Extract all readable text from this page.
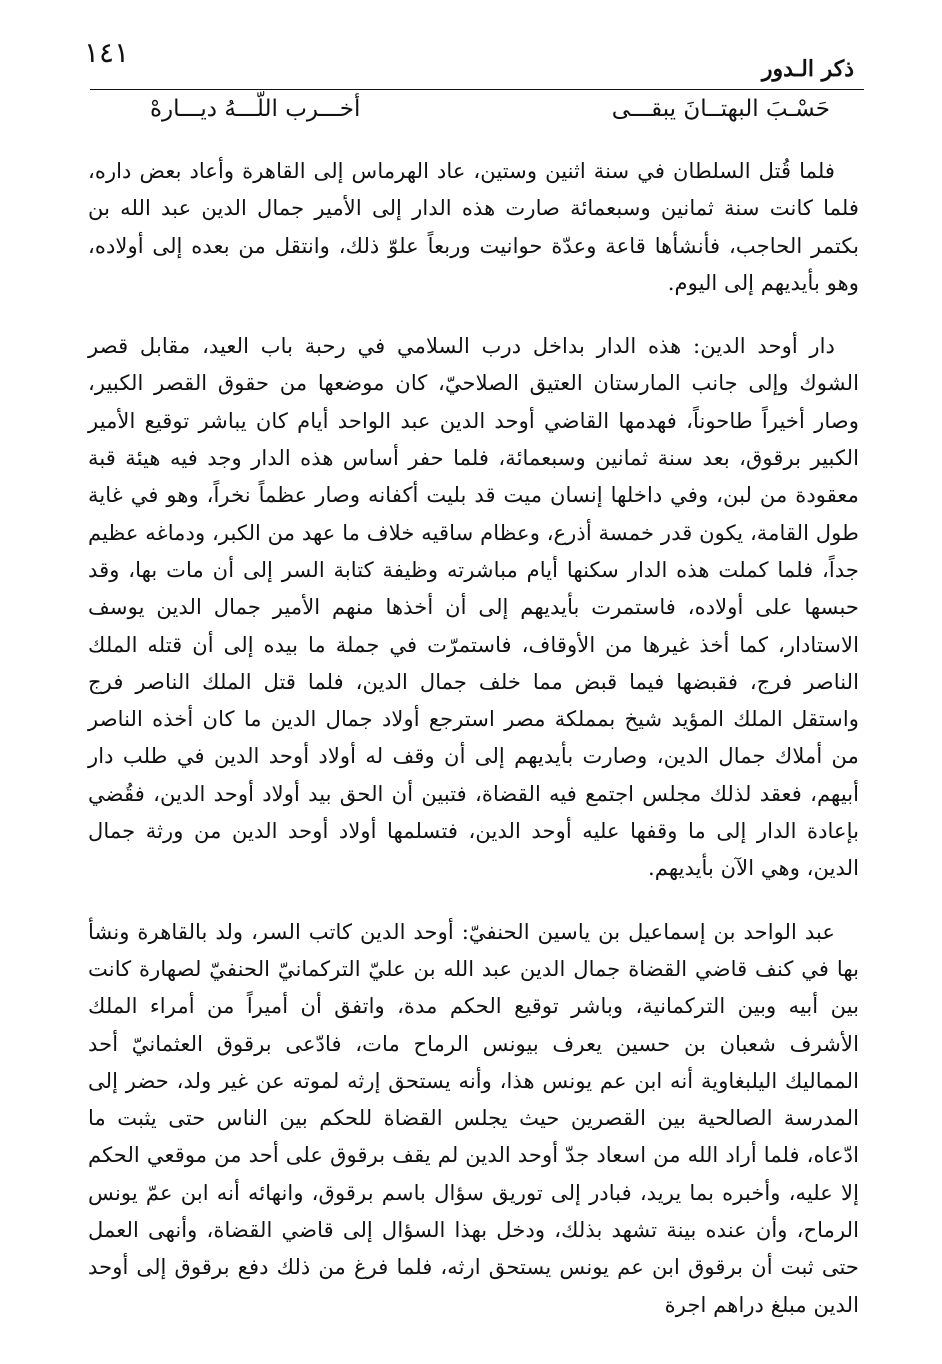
١٤١	ذكر الـدور
حَسْـبَ البهتــانَ يبقـــى
أخـــرب اللّـــهُ ديـــارهْ

فلما قُتل السلطان في سنة اثنين وستين، عاد الهرماس إلى القاهرة وأعاد بعض داره، فلما كانت سنة ثمانين وسبعمائة صارت هذه الدار إلى الأمير جمال الدين عبد الله بن بكتمر الحاجب، فأنشأها قاعة وعدّة حوانيت وربعاً علوّ ذلك، وانتقل من بعده إلى أولاده، وهو بأيديهم إلى اليوم.

دار أوحد الدين: هذه الدار بداخل درب السلامي في رحبة باب العيد، مقابل قصر الشوك وإلى جانب المارستان العتيق الصلاحيّ، كان موضعها من حقوق القصر الكبير، وصار أخيراً طاحوناً، فهدمها القاضي أوحد الدين عبد الواحد أيام كان يباشر توقيع الأمير الكبير برقوق، بعد سنة ثمانين وسبعمائة، فلما حفر أساس هذه الدار وجد فيه هيئة قبة معقودة من لبن، وفي داخلها إنسان ميت قد بليت أكفانه وصار عظماً نخراً، وهو في غاية طول القامة، يكون قدر خمسة أذرع، وعظام ساقيه خلاف ما عهد من الكبر، ودماغه عظيم جداً، فلما كملت هذه الدار سكنها أيام مباشرته وظيفة كتابة السر إلى أن مات بها، وقد حبسها على أولاده، فاستمرت بأيديهم إلى أن أخذها منهم الأمير جمال الدين يوسف الاستادار، كما أخذ غيرها من الأوقاف، فاستمرّت في جملة ما بيده إلى أن قتله الملك الناصر فرج، فقبضها فيما قبض مما خلف جمال الدين، فلما قتل الملك الناصر فرج واستقل الملك المؤيد شيخ بمملكة مصر استرجع أولاد جمال الدين ما كان أخذه الناصر من أملاك جمال الدين، وصارت بأيديهم إلى أن وقف له أولاد أوحد الدين في طلب دار أبيهم، فعقد لذلك مجلس اجتمع فيه القضاة، فتبين أن الحق بيد أولاد أوحد الدين، فقُضي بإعادة الدار إلى ما وقفها عليه أوحد الدين، فتسلمها أولاد أوحد الدين من ورثة جمال الدين، وهي الآن بأيديهم.

عبد الواحد بن إسماعيل بن ياسين الحنفيّ: أوحد الدين كاتب السر، ولد بالقاهرة ونشأ بها في كنف قاضي القضاة جمال الدين عبد الله بن عليّ التركمانيّ الحنفيّ لصهارة كانت بين أبيه وبين التركمانية، وباشر توقيع الحكم مدة، واتفق أن أميراً من أمراء الملك الأشرف شعبان بن حسين يعرف بيونس الرماح مات، فادّعى برقوق العثمانيّ أحد المماليك اليلبغاوية أنه ابن عم يونس هذا، وأنه يستحق إرثه لموته عن غير ولد، حضر إلى المدرسة الصالحية بين القصرين حيث يجلس القضاة للحكم بين الناس حتى يثبت ما ادّعاه، فلما أراد الله من اسعاد جدّ أوحد الدين لم يقف برقوق على أحد من موقعي الحكم إلا عليه، وأخبره بما يريد، فبادر إلى توريق سؤال باسم برقوق، وانهائه أنه ابن عمّ يونس الرماح، وأن عنده بينة تشهد بذلك، ودخل بهذا السؤال إلى قاضي القضاة، وأنهى العمل حتى ثبت أن برقوق ابن عم يونس يستحق ارثه، فلما فرغ من ذلك دفع برقوق إلى أوحد الدين مبلغ دراهم اجرة
